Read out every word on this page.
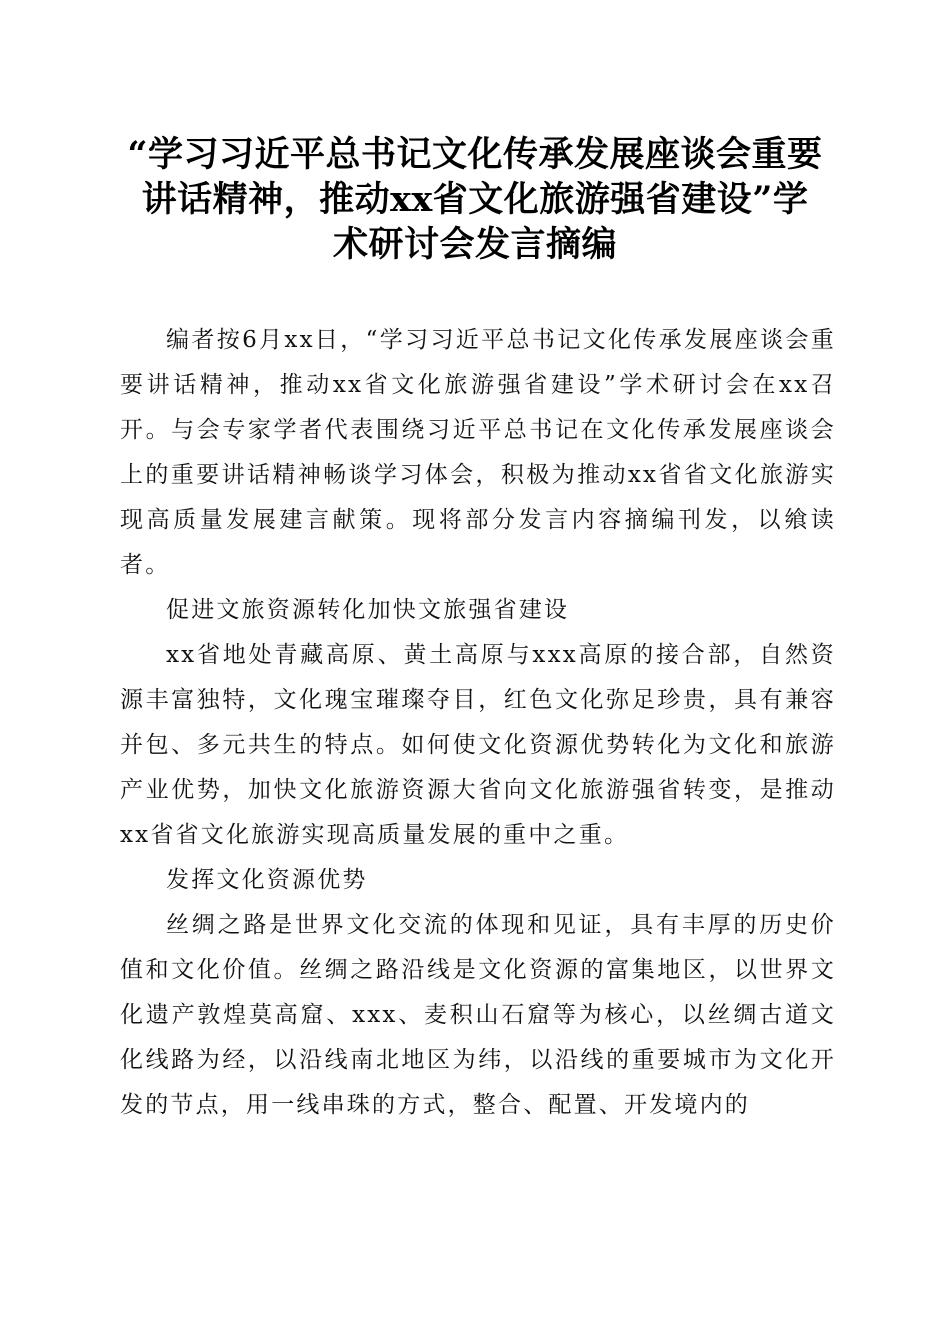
“学习习近平总书记文化传承发展座谈会重要
讲话精神，推动xx省文化旅游强省建设”学
术研讨会发言摘编

编者按6月xx日，“学习习近平总书记文化传承发展座谈会重要讲话精神，推动xx省文化旅游强省建设”学术研讨会在xx召开。与会专家学者代表围绕习近平总书记在文化传承发展座谈会上的重要讲话精神畅谈学习体会，积极为推动xx省省文化旅游实现高质量发展建言献策。现将部分发言内容摘编刊发，以飨读者。

促进文旅资源转化加快文旅强省建设

xx省地处青藏高原、黄土高原与xxx高原的接合部，自然资源丰富独特，文化瑰宝璀璨夺目，红色文化弥足珍贵，具有兼容并包、多元共生的特点。如何使文化资源优势转化为文化和旅游产业优势，加快文化旅游资源大省向文化旅游强省转变，是推动xx省省文化旅游实现高质量发展的重中之重。

发挥文化资源优势

丝绸之路是世界文化交流的体现和见证，具有丰厚的历史价值和文化价值。丝绸之路沿线是文化资源的富集地区，以世界文化遗产敦煌莫高窟、xxx、麦积山石窟等为核心，以丝绸古道文化线路为经，以沿线南北地区为纬，以沿线的重要城市为文化开发的节点，用一线串珠的方式，整合、配置、开发境内的
